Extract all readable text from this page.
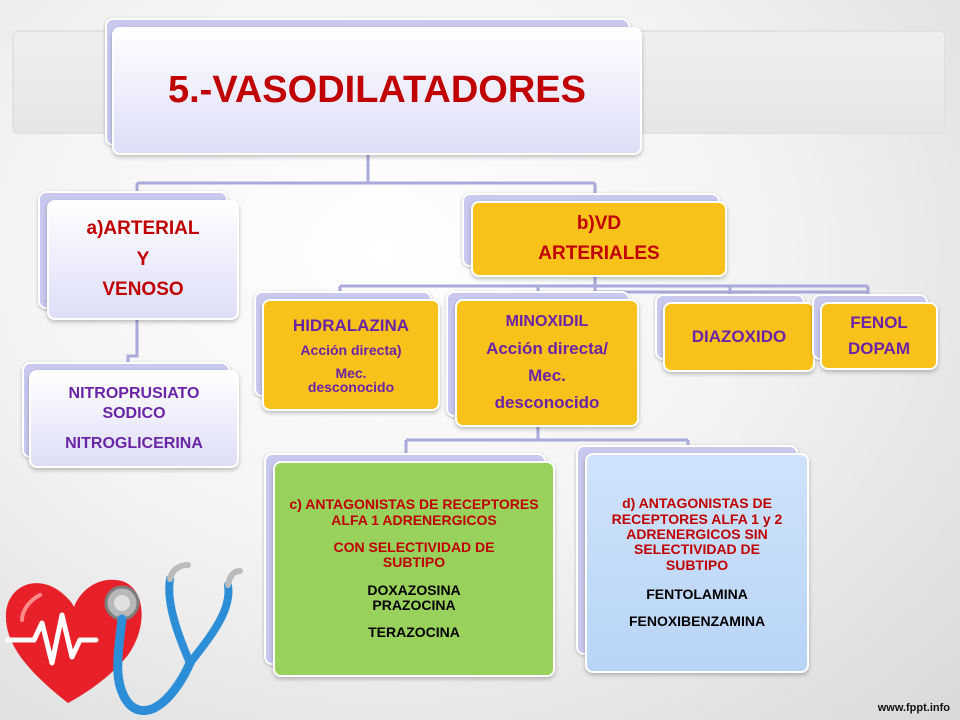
5.-VASODILATADORES
a)ARTERIAL
Y
VENOSO
NITROPRUSIATO SODICO
NITROGLICERINA
b)VD
ARTERIALES
HIDRALAZINA
Acción directa)
Mec. desconocido
MINOXIDIL
Acción directa/
Mec.
desconocido
DIAZOXIDO
FENOL
DOPAM
c) ANTAGONISTAS DE RECEPTORES ALFA 1 ADRENERGICOS
CON SELECTIVIDAD DE SUBTIPO
DOXAZOSINA PRAZOCINA
TERAZOCINA
d) ANTAGONISTAS DE RECEPTORES ALFA 1 y 2 ADRENERGICOS SIN SELECTIVIDAD DE SUBTIPO
FENTOLAMINA
FENOXIBENZAMINA
www.fppt.info
